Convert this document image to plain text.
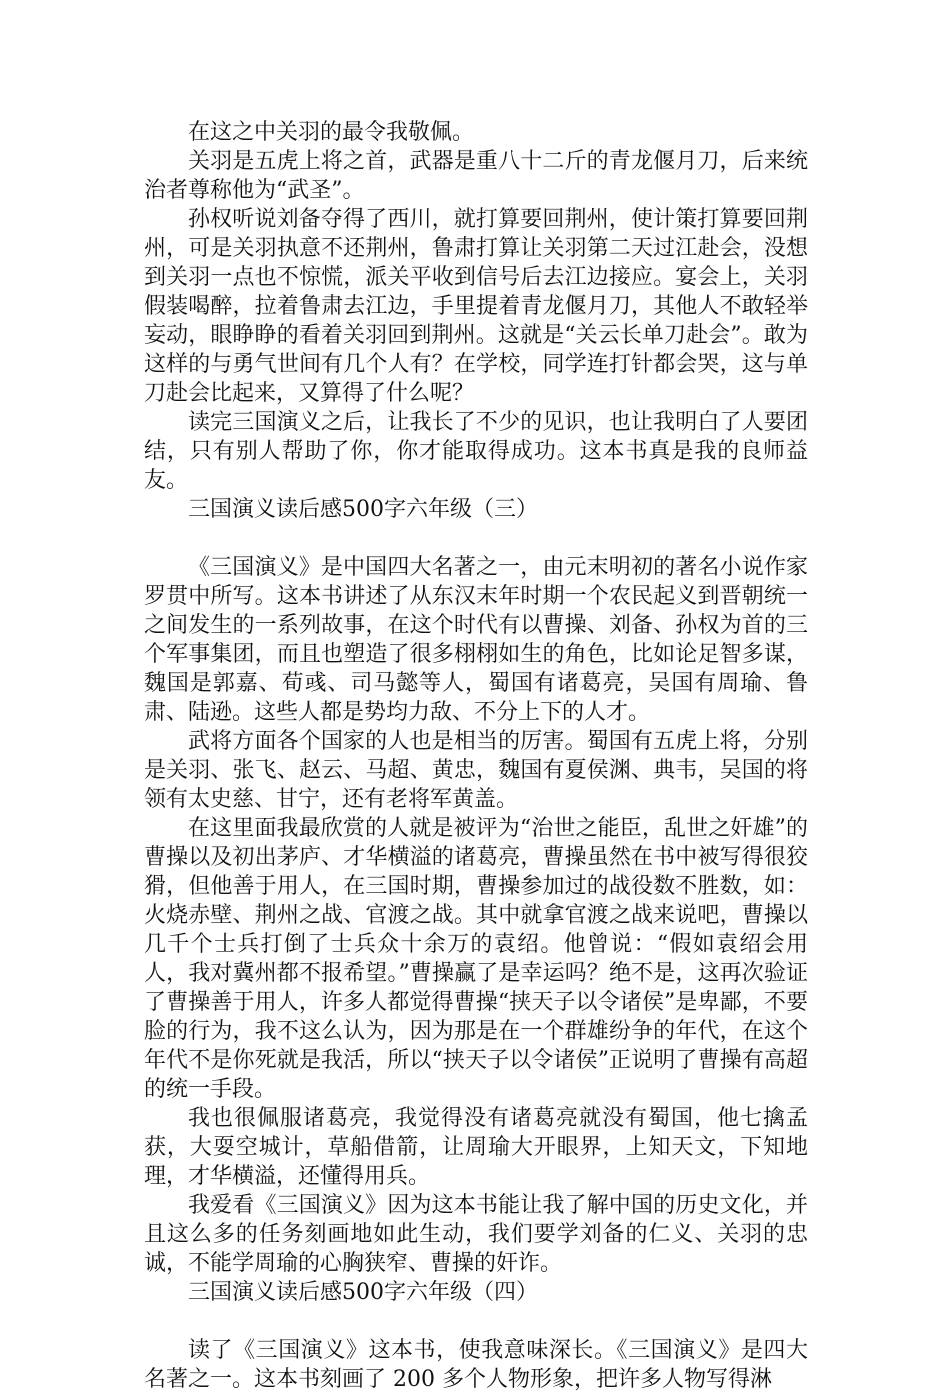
在这之中关羽的最令我敬佩。

关羽是五虎上将之首，武器是重八十二斤的青龙偃月刀，后来统治者尊称他为“武圣”。

孙权听说刘备夺得了西川，就打算要回荆州，使计策打算要回荆州，可是关羽执意不还荆州，鲁肃打算让关羽第二天过江赴会，没想到关羽一点也不惊慌，派关平收到信号后去江边接应。宴会上，关羽假装喝醉，拉着鲁肃去江边，手里提着青龙偃月刀，其他人不敢轻举妄动，眼睁睁的看着关羽回到荆州。这就是“关云长单刀赴会”。敢为这样的与勇气世间有几个人有？在学校，同学连打针都会哭，这与单刀赴会比起来，又算得了什么呢？

读完三国演义之后，让我长了不少的见识，也让我明白了人要团结，只有别人帮助了你，你才能取得成功。这本书真是我的良师益友。

三国演义读后感500字六年级（三）

《三国演义》是中国四大名著之一，由元末明初的著名小说作家罗贯中所写。这本书讲述了从东汉末年时期一个农民起义到晋朝统一之间发生的一系列故事，在这个时代有以曹操、刘备、孙权为首的三个军事集团，而且也塑造了很多栩栩如生的角色，比如论足智多谋，魏国是郭嘉、荀彧、司马懿等人，蜀国有诸葛亮，吴国有周瑜、鲁肃、陆逊。这些人都是势均力敌、不分上下的人才。

武将方面各个国家的人也是相当的厉害。蜀国有五虎上将，分别是关羽、张飞、赵云、马超、黄忠，魏国有夏侯渊、典韦，吴国的将领有太史慈、甘宁，还有老将军黄盖。

在这里面我最欣赏的人就是被评为“治世之能臣，乱世之奸雄”的曹操以及初出茅庐、才华横溢的诸葛亮，曹操虽然在书中被写得很狡猾，但他善于用人，在三国时期，曹操参加过的战役数不胜数，如：火烧赤壁、荆州之战、官渡之战。其中就拿官渡之战来说吧，曹操以几千个士兵打倒了士兵众十余万的袁绍。他曾说：“假如袁绍会用人，我对冀州都不报希望。”曹操赢了是幸运吗？绝不是，这再次验证了曹操善于用人，许多人都觉得曹操“挟天子以令诸侯”是卑鄙，不要脸的行为，我不这么认为，因为那是在一个群雄纷争的年代，在这个年代不是你死就是我活，所以“挟天子以令诸侯”正说明了曹操有高超的统一手段。

我也很佩服诸葛亮，我觉得没有诸葛亮就没有蜀国，他七擒孟获，大耍空城计，草船借箭，让周瑜大开眼界，上知天文，下知地理，才华横溢，还懂得用兵。

我爱看《三国演义》因为这本书能让我了解中国的历史文化，并且这么多的任务刻画地如此生动，我们要学刘备的仁义、关羽的忠诚，不能学周瑜的心胸狭窄、曹操的奸诈。

三国演义读后感500字六年级（四）

读了《三国演义》这本书，使我意味深长。《三国演义》是四大名著之一。这本书刻画了 200 多个人物形象，把许多人物写得淋
